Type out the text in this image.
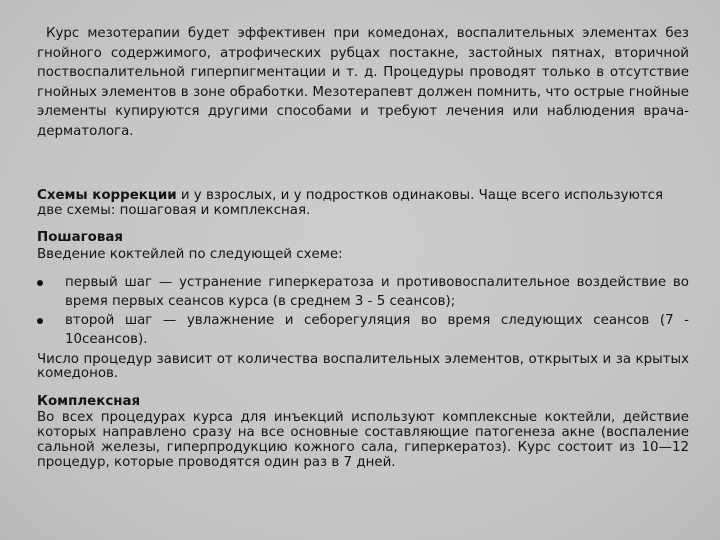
Курс мезотерапии будет эффективен при комедонах, воспалительных элементах без гнойного содержимого, атрофических рубцах постакне, застойных пятнах, вторичной поствоспалительной гиперпигментации и т. д. Процедуры проводят только в отсутствие гнойных элементов в зоне обработки. Мезотерапевт должен помнить, что острые гнойные элементы купируются другими способами и требуют лечения или наблюдения врача-дерматолога.

Схемы коррекции и у взрослых, и у подростков одинаковы. Чаще всего используются две схемы: пошаговая и комплексная.

Пошаговая
Введение коктейлей по следующей схеме:
первый шаг — устранение гиперкератоза и противовоспалительное воздействие во время первых сеансов курса (в среднем 3 - 5 сеансов);
второй шаг — увлажнение и себорегуляция во время следующих сеансов (7 - 10сеансов).
Число процедур зависит от количества воспалительных элементов, открытых и за крытых комедонов.
Комплексная
Во всех процедурах курса для инъекций используют комплексные коктейли, действие которых направлено сразу на все основные составляющие патогенеза акне (воспаление сальной железы, гиперпродукцию кожного сала, гиперкератоз). Курс состоит из 10—12 процедур, которые проводятся один раз в 7 дней.
